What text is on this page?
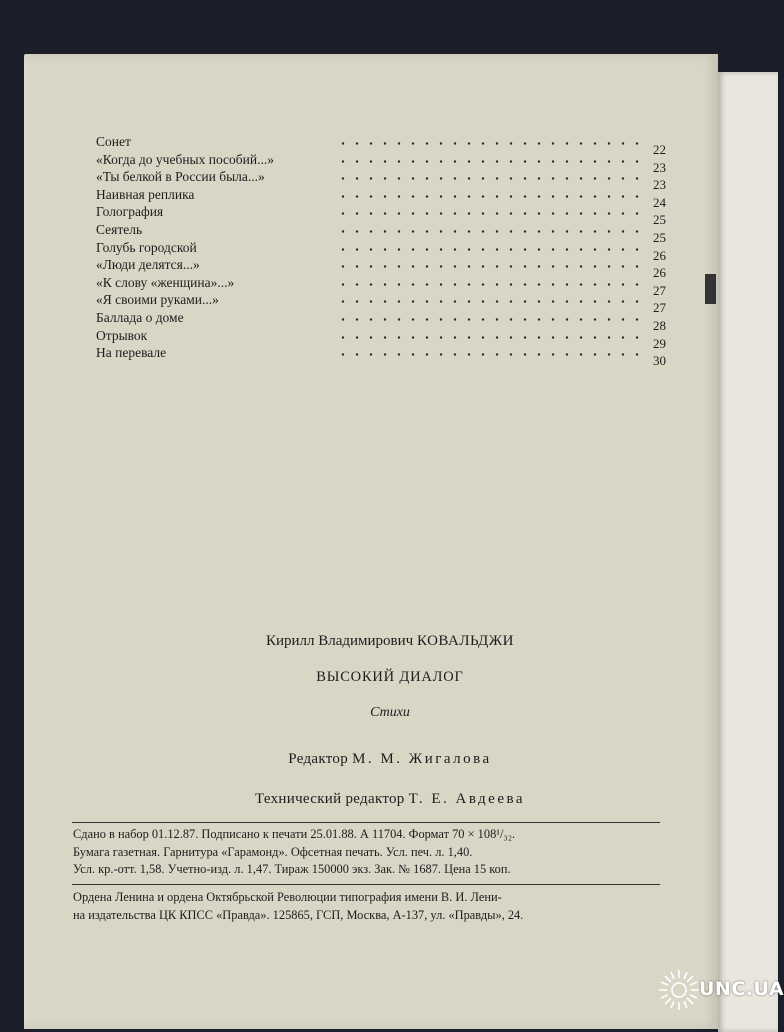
Сонет
22
«Когда до учебных пособий...»
23
«Ты белкой в России была...»
23
Наивная реплика
24
Голография
25
Сеятель
25
Голубь городской
26
«Люди делятся...»
26
«К слову «женщина»...»
27
«Я своими руками...»
27
Баллада о доме
28
Отрывок
29
На перевале
30
Кирилл Владимирович КОВАЛЬДЖИ
ВЫСОКИЙ ДИАЛОГ
Стихи
Редактор М. М. Жигалова
Технический редактор Т. Е. Авдеева
Сдано в набор 01.12.87. Подписано к печати 25.01.88. А 11704. Формат 70 × 108¹/₃₂.
Бумага газетная. Гарнитура «Гарамонд». Офсетная печать. Усл. печ. л. 1,40.
Усл. кр.-отт. 1,58. Учетно-изд. л. 1,47. Тираж 150000 экз. Зак. № 1687. Цена 15 коп.
Ордена Ленина и ордена Октябрьской Революции типография имени В. И. Лени-
на издательства ЦК КПСС «Правда». 125865, ГСП, Москва, А-137, ул. «Правды», 24.
UNC.UA
